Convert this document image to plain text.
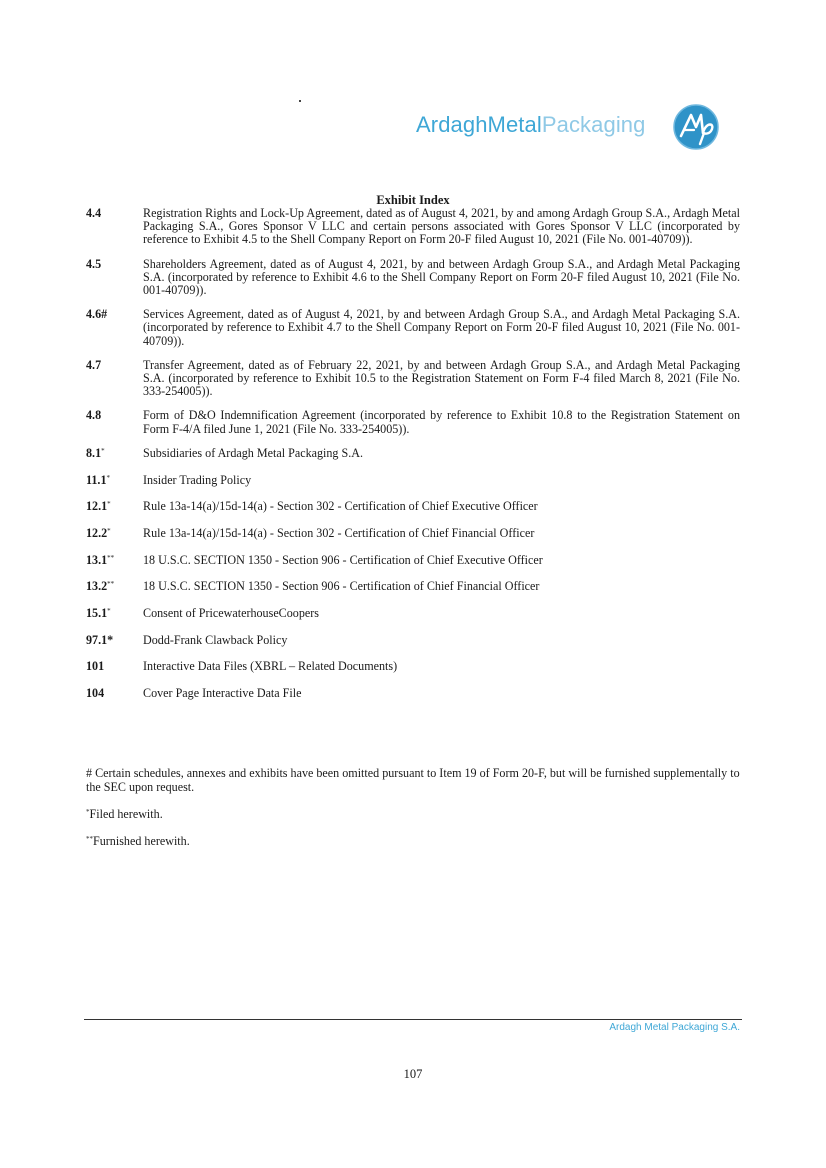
ArdaghMetalPackaging
Exhibit Index
4.4	Registration Rights and Lock-Up Agreement, dated as of August 4, 2021, by and among Ardagh Group S.A., Ardagh Metal Packaging S.A., Gores Sponsor V LLC and certain persons associated with Gores Sponsor V LLC (incorporated by reference to Exhibit 4.5 to the Shell Company Report on Form 20-F filed August 10, 2021 (File No. 001-40709)).
4.5	Shareholders Agreement, dated as of August 4, 2021, by and between Ardagh Group S.A., and Ardagh Metal Packaging S.A. (incorporated by reference to Exhibit 4.6 to the Shell Company Report on Form 20-F filed August 10, 2021 (File No. 001-40709)).
4.6#	Services Agreement, dated as of August 4, 2021, by and between Ardagh Group S.A., and Ardagh Metal Packaging S.A. (incorporated by reference to Exhibit 4.7 to the Shell Company Report on Form 20-F filed August 10, 2021 (File No. 001-40709)).
4.7	Transfer Agreement, dated as of February 22, 2021, by and between Ardagh Group S.A., and Ardagh Metal Packaging S.A. (incorporated by reference to Exhibit 10.5 to the Registration Statement on Form F-4 filed March 8, 2021 (File No. 333-254005)).
4.8	Form of D&O Indemnification Agreement (incorporated by reference to Exhibit 10.8 to the Registration Statement on Form F-4/A filed June 1, 2021 (File No. 333-254005)).
8.1*	Subsidiaries of Ardagh Metal Packaging S.A.
11.1*	Insider Trading Policy
12.1*	Rule 13a-14(a)/15d-14(a) - Section 302 - Certification of Chief Executive Officer
12.2*	Rule 13a-14(a)/15d-14(a) - Section 302 - Certification of Chief Financial Officer
13.1**	18 U.S.C. SECTION 1350 - Section 906 - Certification of Chief Executive Officer
13.2**	18 U.S.C. SECTION 1350 - Section 906 - Certification of Chief Financial Officer
15.1*	Consent of PricewaterhouseCoopers
97.1*	Dodd-Frank Clawback Policy
101	Interactive Data Files (XBRL – Related Documents)
104	Cover Page Interactive Data File

# Certain schedules, annexes and exhibits have been omitted pursuant to Item 19 of Form 20-F, but will be furnished supplementally to the SEC upon request.

*Filed herewith.

**Furnished herewith.

Ardagh Metal Packaging S.A.
107
